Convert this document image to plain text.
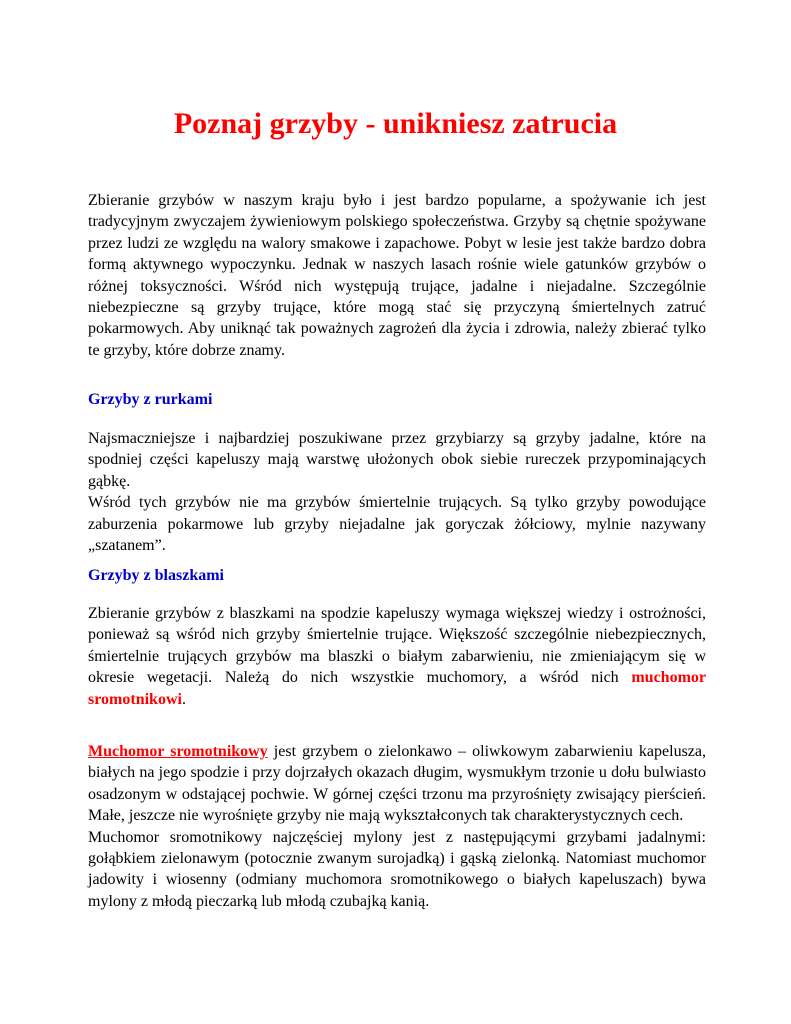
Poznaj grzyby - unikniesz zatrucia

Zbieranie grzybów w naszym kraju było i jest bardzo popularne, a spożywanie ich jest tradycyjnym zwyczajem żywieniowym polskiego społeczeństwa. Grzyby są chętnie spożywane przez ludzi ze względu na walory smakowe i zapachowe. Pobyt w lesie jest także bardzo dobra formą aktywnego wypoczynku. Jednak w naszych lasach rośnie wiele gatunków grzybów o różnej toksyczności. Wśród nich występują trujące, jadalne i niejadalne. Szczególnie niebezpieczne są grzyby trujące, które mogą stać się przyczyną śmiertelnych zatruć pokarmowych. Aby uniknąć tak poważnych zagrożeń dla życia i zdrowia, należy zbierać tylko te grzyby, które dobrze znamy.

Grzyby z rurkami

Najsmaczniejsze i najbardziej poszukiwane przez grzybiarzy są grzyby jadalne, które na spodniej części kapeluszy mają warstwę ułożonych obok siebie rureczek przypominających gąbkę.
Wśród tych grzybów nie ma grzybów śmiertelnie trujących. Są tylko grzyby powodujące zaburzenia pokarmowe lub grzyby niejadalne jak goryczak żółciowy, mylnie nazywany „szatanem”.

Grzyby z blaszkami

Zbieranie grzybów z blaszkami na spodzie kapeluszy wymaga większej wiedzy i ostrożności, ponieważ są wśród nich grzyby śmiertelnie trujące. Większość szczególnie niebezpiecznych, śmiertelnie trujących grzybów ma blaszki o białym zabarwieniu, nie zmieniającym się w okresie wegetacji. Należą do nich wszystkie muchomory, a wśród nich muchomor sromotnikowi.

Muchomor sromotnikowy jest grzybem o zielonkawo – oliwkowym zabarwieniu kapelusza, białych na jego spodzie i przy dojrzałych okazach długim, wysmukłym trzonie u dołu bulwiasto osadzonym w odstającej pochwie. W górnej części trzonu ma przyrośnięty zwisający pierścień. Małe, jeszcze nie wyrośnięte grzyby nie mają wykształconych tak charakterystycznych cech.
Muchomor sromotnikowy najczęściej mylony jest z następującymi grzybami jadalnymi: gołąbkiem zielonawym (potocznie zwanym surojadką) i gąską zielonką. Natomiast muchomor jadowity i wiosenny (odmiany muchomora sromotnikowego o białych kapeluszach) bywa mylony z młodą pieczarką lub młodą czubajką kanią.
